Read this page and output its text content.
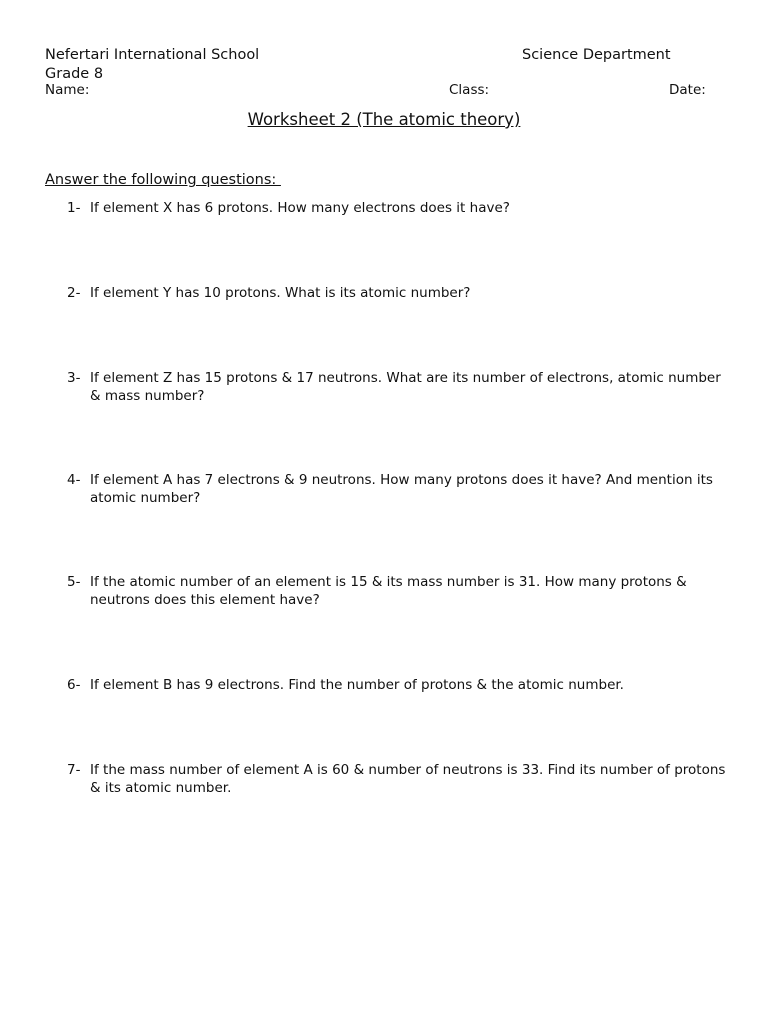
Nefertari International School	Science Department
Grade 8
Name:	Class:	Date:
Worksheet 2 (The atomic theory)
Answer the following questions:
1- If element X has 6 protons. How many electrons does it have?
2- If element Y has 10 protons. What is its atomic number?
3- If element Z has 15 protons & 17 neutrons. What are its number of electrons, atomic number & mass number?
4- If element A has 7 electrons & 9 neutrons. How many protons does it have? And mention its atomic number?
5- If the atomic number of an element is 15 & its mass number is 31. How many protons & neutrons does this element have?
6- If element B has 9 electrons. Find the number of protons & the atomic number.
7- If the mass number of element A is 60 & number of neutrons is 33. Find its number of protons & its atomic number.
